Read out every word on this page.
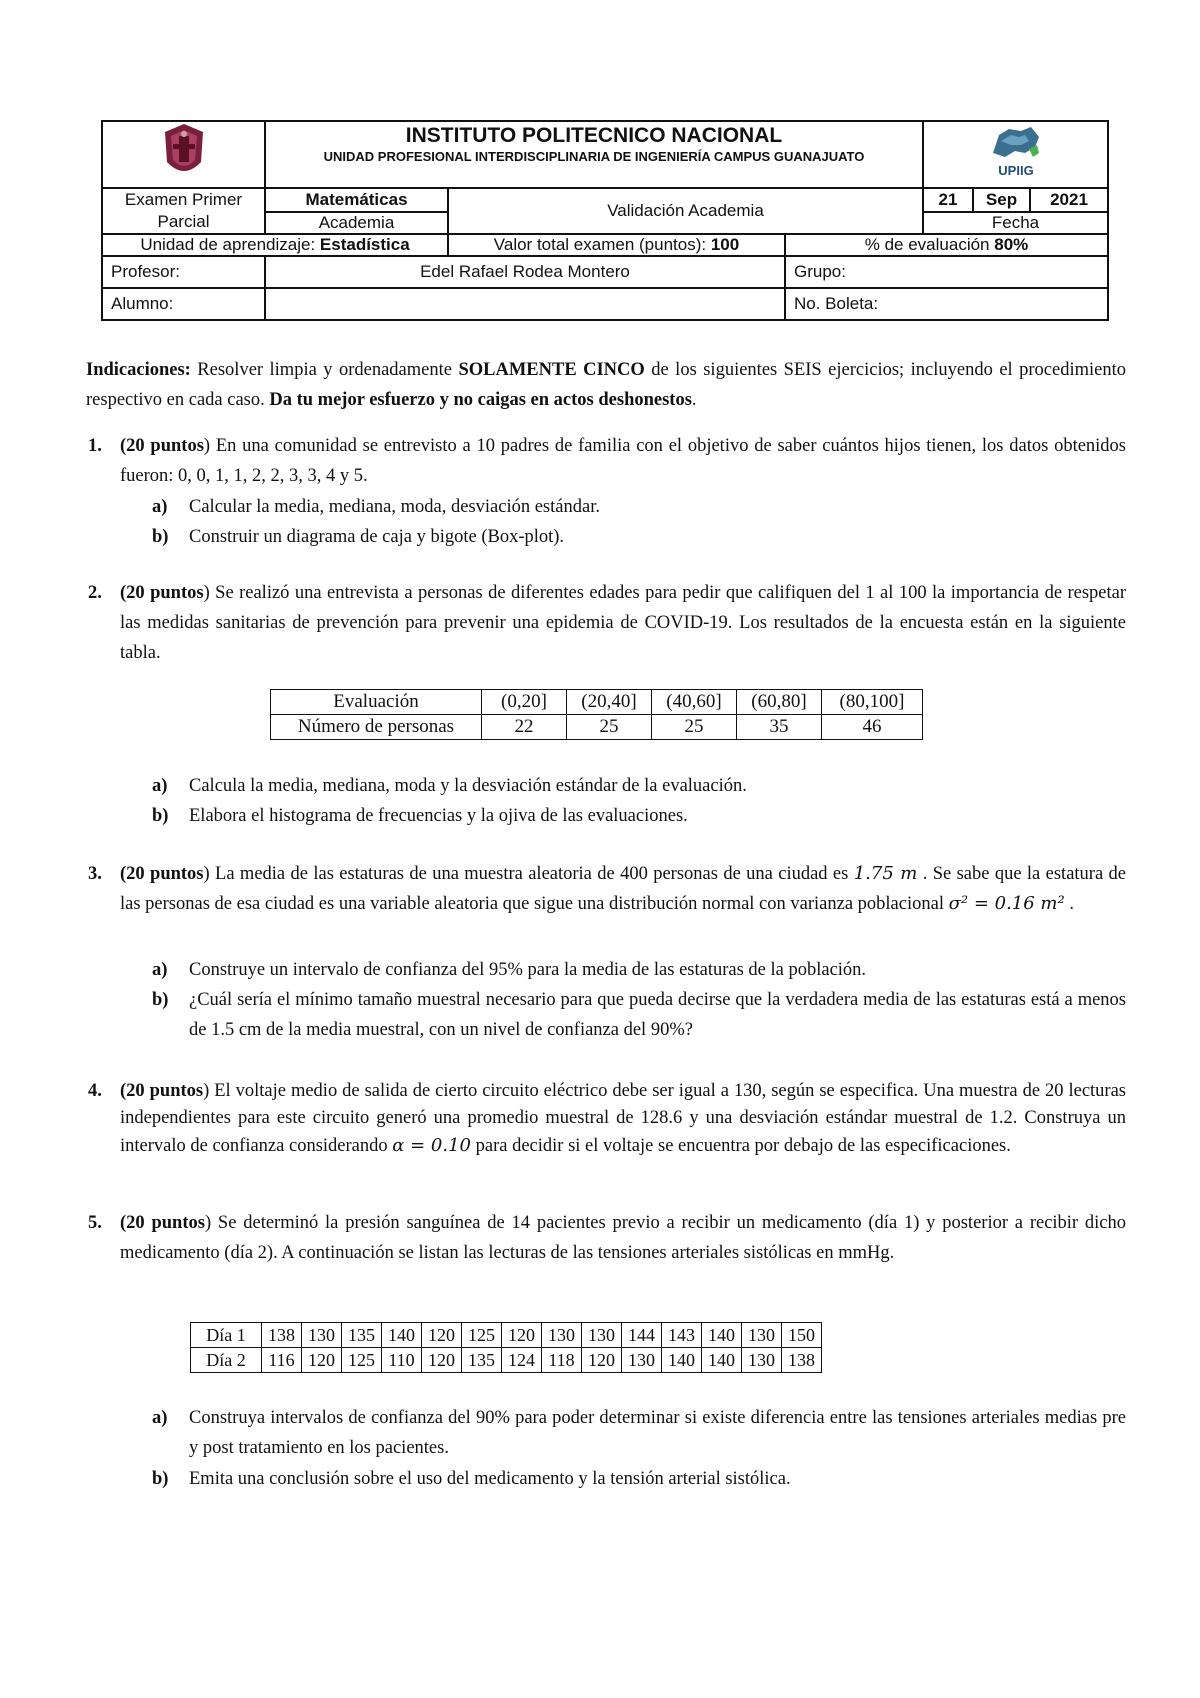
INSTITUTO POLITECNICO NACIONAL
UNIDAD PROFESIONAL INTERDISCIPLINARIA DE INGENIERÍA CAMPUS GUANAJUATO			UPIIG		

Examen Primer Parcial	Matemáticas	Validación Academia		21	Sep	2021
	Academia			Fecha		
Unidad de aprendizaje: Estadística		Valor total examen (puntos): 100	% de evaluación 80%			
Profesor:	Edel Rafael Rodea Montero		Grupo:			
Alumno:			No. Boleta:			
Indicaciones: Resolver limpia y ordenadamente SOLAMENTE CINCO de los siguientes SEIS ejercicios; incluyendo el procedimiento respectivo en cada caso. Da tu mejor esfuerzo y no caigas en actos deshonestos.
1. (20 puntos) En una comunidad se entrevisto a 10 padres de familia con el objetivo de saber cuántos hijos tienen, los datos obtenidos fueron: 0, 0, 1, 1, 2, 2, 3, 3, 4 y 5.
a) Calcular la media, mediana, moda, desviación estándar.
b) Construir un diagrama de caja y bigote (Box-plot).
2. (20 puntos) Se realizó una entrevista a personas de diferentes edades para pedir que califiquen del 1 al 100 la importancia de respetar las medidas sanitarias de prevención para prevenir una epidemia de COVID-19. Los resultados de la encuesta están en la siguiente tabla.
Evaluación	(0,20]	(20,40]	(40,60]	(60,80]	(80,100]
Número de personas	22	25	25	35	46
a) Calcula la media, mediana, moda y la desviación estándar de la evaluación.
b) Elabora el histograma de frecuencias y la ojiva de las evaluaciones.
3. (20 puntos) La media de las estaturas de una muestra aleatoria de 400 personas de una ciudad es 1.75 m . Se sabe que la estatura de las personas de esa ciudad es una variable aleatoria que sigue una distribución normal con varianza poblacional σ² = 0.16 m² .
a) Construye un intervalo de confianza del 95% para la media de las estaturas de la población.
b) ¿Cuál sería el mínimo tamaño muestral necesario para que pueda decirse que la verdadera media de las estaturas está a menos de 1.5 cm de la media muestral, con un nivel de confianza del 90%?
4. (20 puntos) El voltaje medio de salida de cierto circuito eléctrico debe ser igual a 130, según se especifica. Una muestra de 20 lecturas independientes para este circuito generó una promedio muestral de 128.6 y una desviación estándar muestral de 1.2. Construya un intervalo de confianza considerando α = 0.10 para decidir si el voltaje se encuentra por debajo de las especificaciones.
5. (20 puntos) Se determinó la presión sanguínea de 14 pacientes previo a recibir un medicamento (día 1) y posterior a recibir dicho medicamento (día 2). A continuación se listan las lecturas de las tensiones arteriales sistólicas en mmHg.
Día 1	138	130	135	140	120	125	120	130	130	144	143	140	130	150
Día 2	116	120	125	110	120	135	124	118	120	130	140	140	130	138
a) Construya intervalos de confianza del 90% para poder determinar si existe diferencia entre las tensiones arteriales medias pre y post tratamiento en los pacientes.
b) Emita una conclusión sobre el uso del medicamento y la tensión arterial sistólica.
